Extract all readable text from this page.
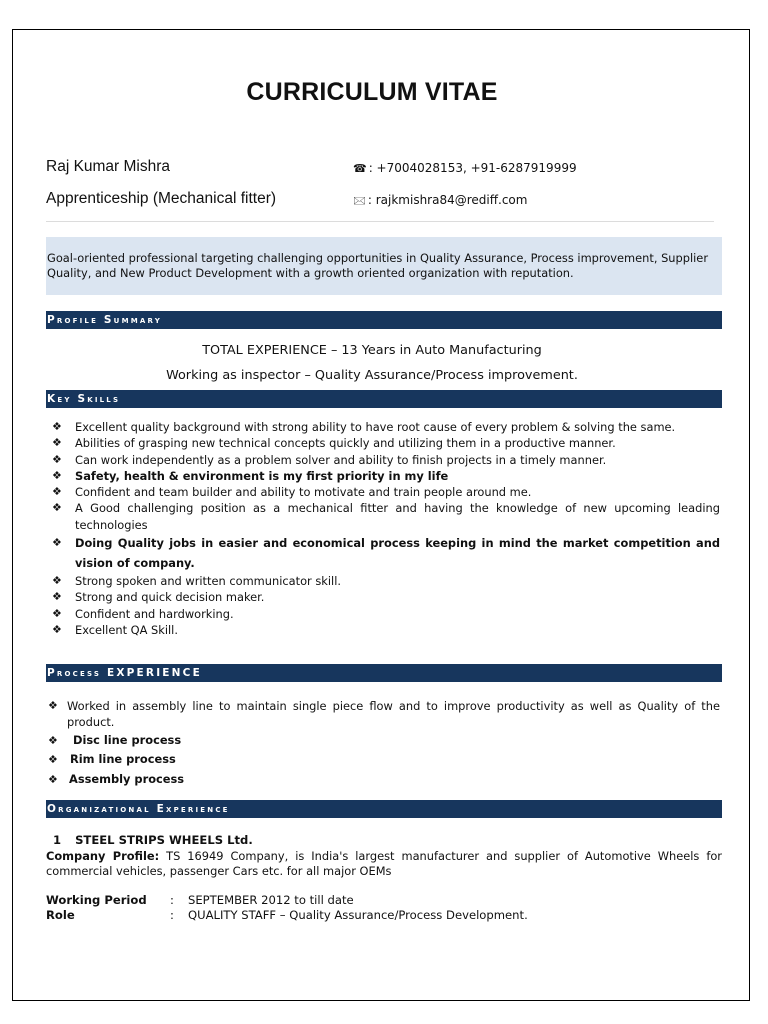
CURRICULUM VITAE
Raj Kumar Mishra
Apprenticeship (Mechanical fitter)
☎ : +7004028153, +91-6287919999
🖂 : rajkmishra84@rediff.com
Goal-oriented professional targeting challenging opportunities in Quality Assurance, Process improvement, Supplier Quality, and New Product Development with a growth oriented organization with reputation.
Profile Summary
TOTAL EXPERIENCE – 13 Years in Auto Manufacturing
Working as inspector – Quality Assurance/Process improvement.
Key Skills
❖ Excellent quality background with strong ability to have root cause of every problem & solving the same.
❖ Abilities of grasping new technical concepts quickly and utilizing them in a productive manner.
❖ Can work independently as a problem solver and ability to finish projects in a timely manner.
❖ Safety, health & environment is my first priority in my life
❖ Confident and team builder and ability to motivate and train people around me.
❖ A Good challenging position as a mechanical fitter and having the knowledge of new upcoming leading technologies
❖ Doing Quality jobs in easier and economical process keeping in mind the market competition and vision of company.
❖ Strong spoken and written communicator skill.
❖ Strong and quick decision maker.
❖ Confident and hardworking.
❖ Excellent QA Skill.
Process EXPERIENCE
❖ Worked in assembly line to maintain single piece flow and to improve productivity as well as Quality of the product.
❖ Disc line process
❖ Rim line process
❖ Assembly process
Organizational Experience
1 STEEL STRIPS WHEELS Ltd.
Company Profile: TS 16949 Company, is India's largest manufacturer and supplier of Automotive Wheels for commercial vehicles, passenger Cars etc. for all major OEMs
Working Period : SEPTEMBER 2012 to till date
Role	: QUALITY STAFF – Quality Assurance/Process Development.
